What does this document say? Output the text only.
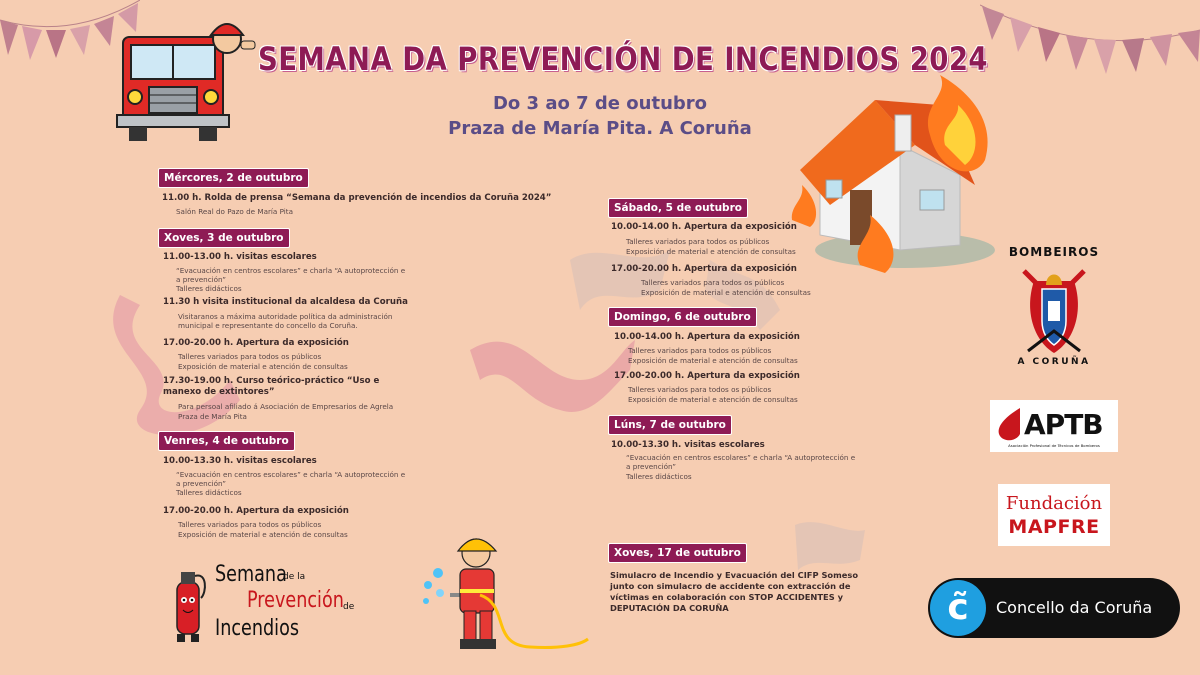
SEMANA DA PREVENCIÓN DE INCENDIOS 2024
Do 3 ao 7 de outubro
Praza de María Pita. A Coruña
Mércores, 2 de outubro
11.00 h. Rolda de prensa “Semana da prevención de incendios da Coruña 2024”
Salón Real do Pazo de María Pita
Xoves, 3 de outubro
11.00-13.00 h. visitas escolares
“Evacuación en centros escolares” e charla “A autoprotección e a prevención”
Talleres didácticos
11.30 h visita institucional da alcaldesa da Coruña
Visitaranos a máxima autoridade política da administración municipal e representante do concello da Coruña.
17.00-20.00 h. Apertura da exposición
Talleres variados para todos os públicos
Exposición de material e atención de consultas
17.30-19.00 h. Curso teórico-práctico “Uso e manexo de extintores”
Para persoal afiliado á Asociación de Empresarios de Agrela
Praza de María Pita
Venres, 4 de outubro
10.00-13.30 h. visitas escolares
“Evacuación en centros escolares” e charla “A autoprotección e a prevención”
Talleres didácticos
17.00-20.00 h. Apertura da exposición
Talleres variados para todos os públicos
Exposición de material e atención de consultas
Sábado, 5 de outubro
10.00-14.00 h. Apertura da exposición
Talleres variados para todos os públicos
Exposición de material e atención de consultas
17.00-20.00 h. Apertura da exposición
Talleres variados para todos os públicos
Exposición de material e atención de consultas
Domingo, 6 de outubro
10.00-14.00 h. Apertura da exposición
Talleres variados para todos os públicos
Exposición de material e atención de consultas
17.00-20.00 h. Apertura da exposición
Talleres variados para todos os públicos
Exposición de material e atención de consultas
Lúns, 7 de outubro
10.00-13.30 h. visitas escolares
“Evacuación en centros escolares” e charla “A autoprotección e a prevención”
Talleres didácticos
Xoves, 17 de outubro
Simulacro de Incendio y Evacuación del CIFP Someso junto con simulacro de accidente con extracción de víctimas en colaboración con STOP ACCIDENTES y DEPUTACIÓN DA CORUÑA
Semana
de la
Prevención de
Incendios
BOMBEIROS
A CORUÑA
APTB
Asociación Profesional de Técnicos de Bomberos
Fundación
MAPFRE
c̃	Concello da Coruña
